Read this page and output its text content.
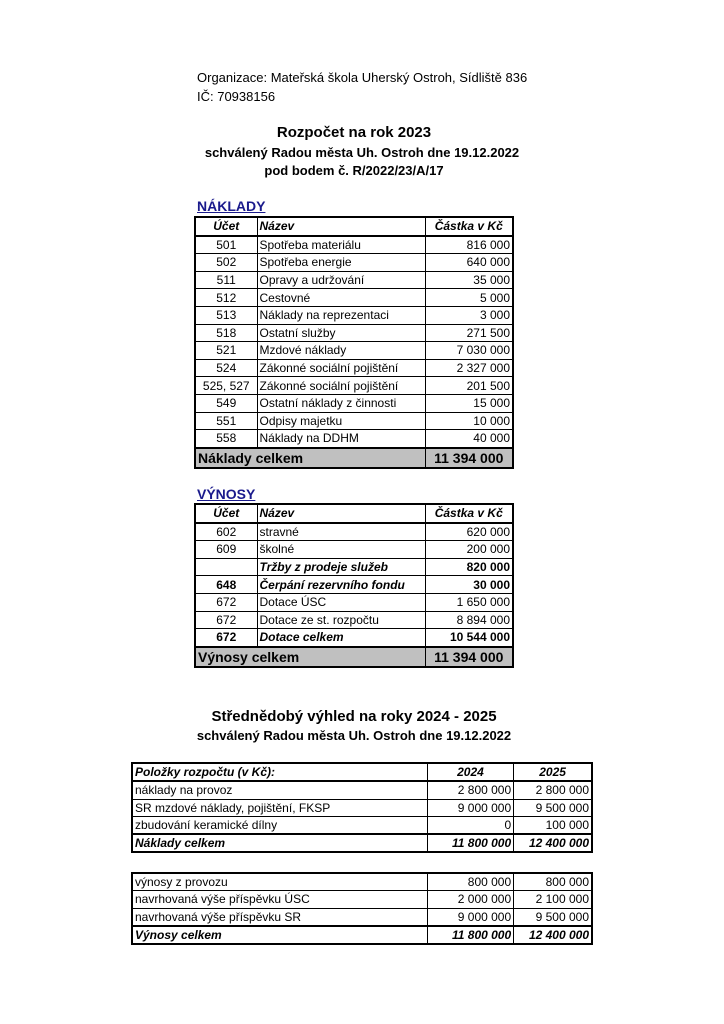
Organizace: Mateřská škola Uherský Ostroh, Sídliště 836
IČ: 70938156
Rozpočet na rok 2023
schválený Radou města Uh. Ostroh dne 19.12.2022
pod bodem č. R/2022/23/A/17
NÁKLADY
Účet	Název	Částka v Kč
501	Spotřeba materiálu	816 000
502	Spotřeba energie	640 000
511	Opravy a udržování	35 000
512	Cestovné	5 000
513	Náklady na reprezentaci	3 000
518	Ostatní služby	271 500
521	Mzdové náklady	7 030 000
524	Zákonné sociální pojištění	2 327 000
525, 527	Zákonné sociální pojištění	201 500
549	Ostatní náklady z činnosti	15 000
551	Odpisy majetku	10 000
558	Náklady na DDHM	40 000
Náklady celkem		11 394 000
VÝNOSY
Účet	Název	Částka v Kč
602	stravné	620 000
609	školné	200 000
	Tržby z prodeje služeb	820 000
648	Čerpání rezervního fondu	30 000
672	Dotace ÚSC	1 650 000
672	Dotace ze st. rozpočtu	8 894 000
672	Dotace celkem	10 544 000
Výnosy celkem		11 394 000
Střednědobý výhled na roky 2024 - 2025
schválený Radou města Uh. Ostroh dne 19.12.2022
Položky rozpočtu (v Kč):	2024	2025
náklady na provoz	2 800 000	2 800 000
SR mzdové náklady, pojištění, FKSP	9 000 000	9 500 000
zbudování keramické dílny	0	100 000
Náklady celkem	11 800 000	12 400 000
výnosy z provozu	800 000	800 000
navrhovaná výše příspěvku ÚSC	2 000 000	2 100 000
navrhovaná výše příspěvku SR	9 000 000	9 500 000
Výnosy celkem	11 800 000	12 400 000
